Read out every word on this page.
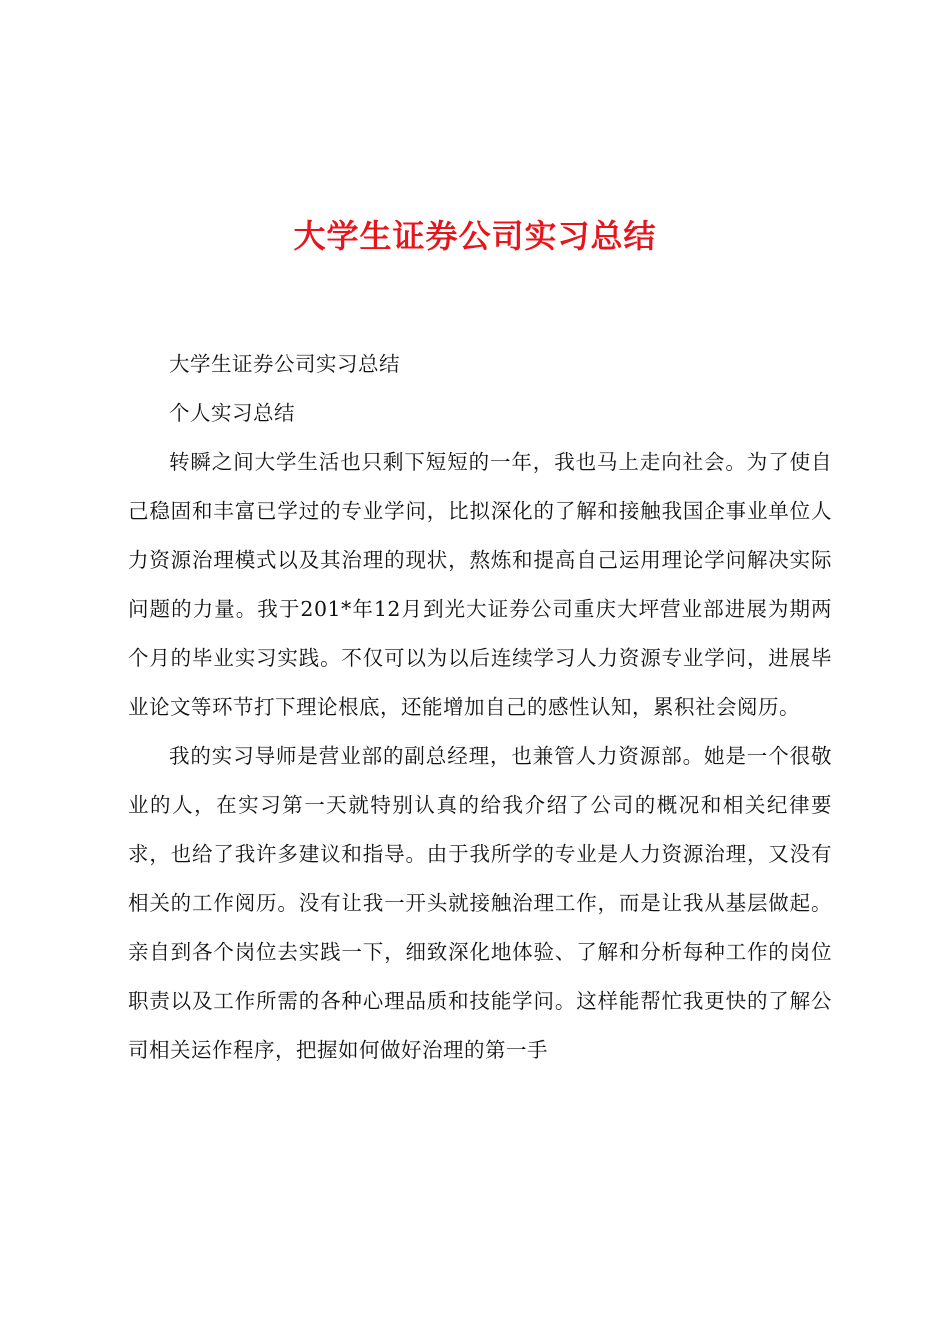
大学生证券公司实习总结

大学生证券公司实习总结

个人实习总结

转瞬之间大学生活也只剩下短短的一年，我也马上走向社会。为了使自己稳固和丰富已学过的专业学问，比拟深化的了解和接触我国企事业单位人力资源治理模式以及其治理的现状，熬炼和提高自己运用理论学问解决实际问题的力量。我于201*年12月到光大证券公司重庆大坪营业部进展为期两个月的毕业实习实践。不仅可以为以后连续学习人力资源专业学问，进展毕业论文等环节打下理论根底，还能增加自己的感性认知，累积社会阅历。

我的实习导师是营业部的副总经理，也兼管人力资源部。她是一个很敬业的人，在实习第一天就特别认真的给我介绍了公司的概况和相关纪律要求，也给了我许多建议和指导。由于我所学的专业是人力资源治理，又没有相关的工作阅历。没有让我一开头就接触治理工作，而是让我从基层做起。亲自到各个岗位去实践一下，细致深化地体验、了解和分析每种工作的岗位职责以及工作所需的各种心理品质和技能学问。这样能帮忙我更快的了解公司相关运作程序，把握如何做好治理的第一手
